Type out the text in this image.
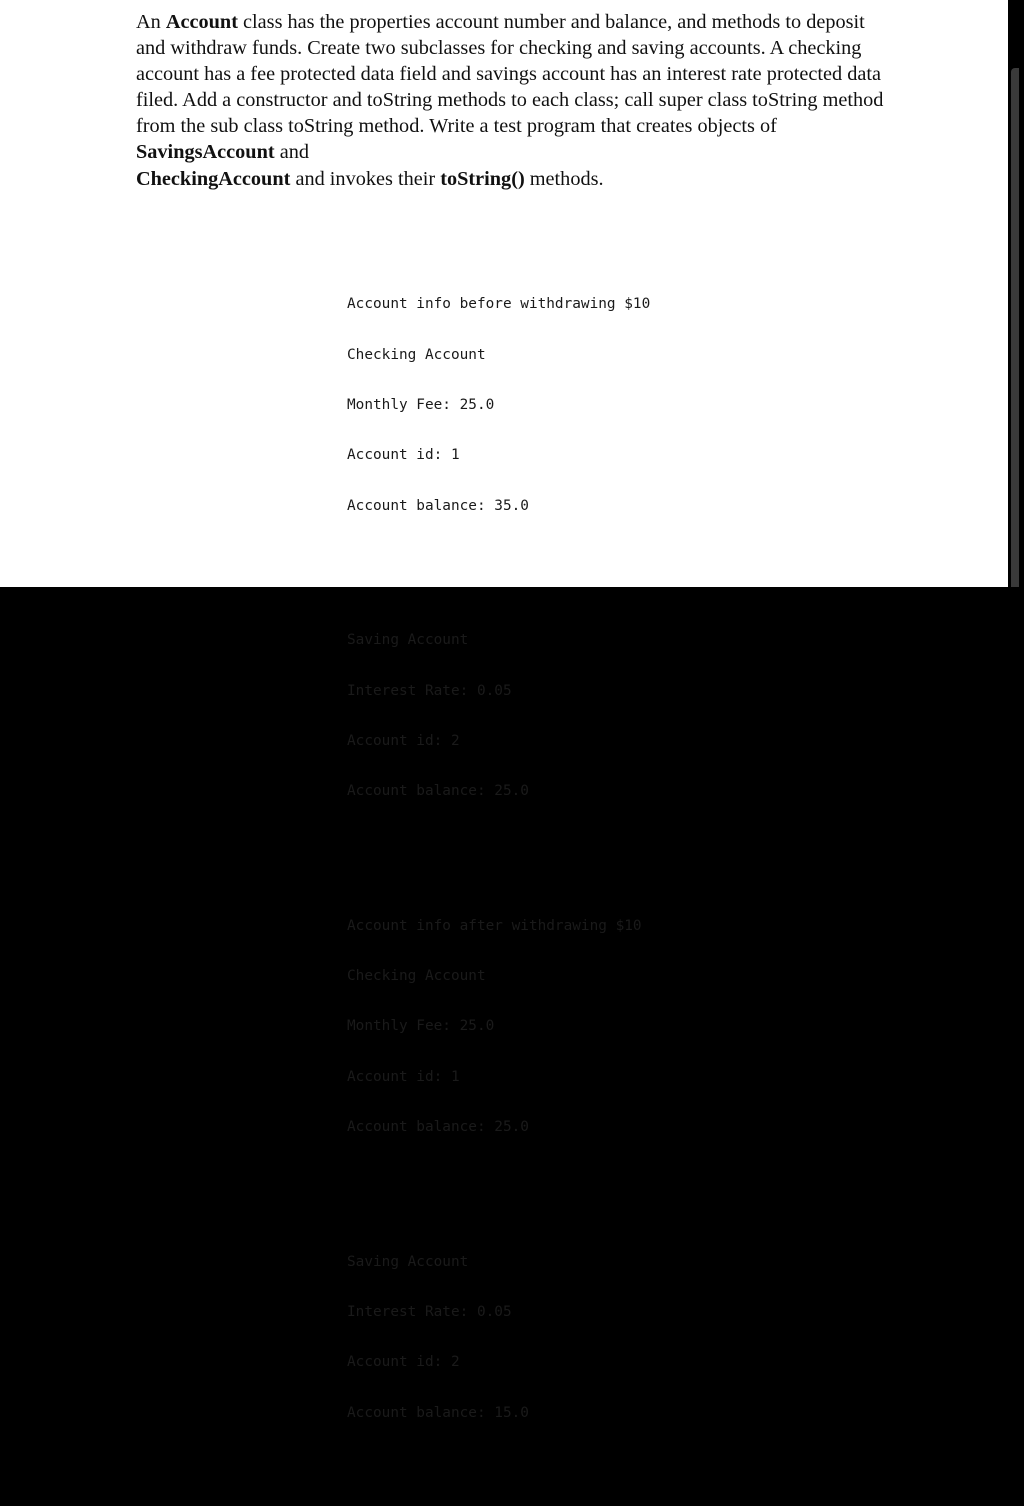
An Account class has the properties account number and balance, and methods to deposit and withdraw funds. Create two subclasses for checking and saving accounts. A checking account has a fee protected data field and savings account has an interest rate protected data filed. Add a constructor and toString methods to each class; call super class toString method from the sub class toString method. Write a test program that creates objects of SavingsAccount and
CheckingAccount and invokes their toString() methods.

Account info before withdrawing $10

Checking Account

Monthly Fee: 25.0

Account id: 1

Account balance: 35.0

Saving Account

Interest Rate: 0.05

Account id: 2

Account balance: 25.0

Account info after withdrawing $10

Checking Account

Monthly Fee: 25.0

Account id: 1

Account balance: 25.0

Saving Account

Interest Rate: 0.05

Account id: 2

Account balance: 15.0
